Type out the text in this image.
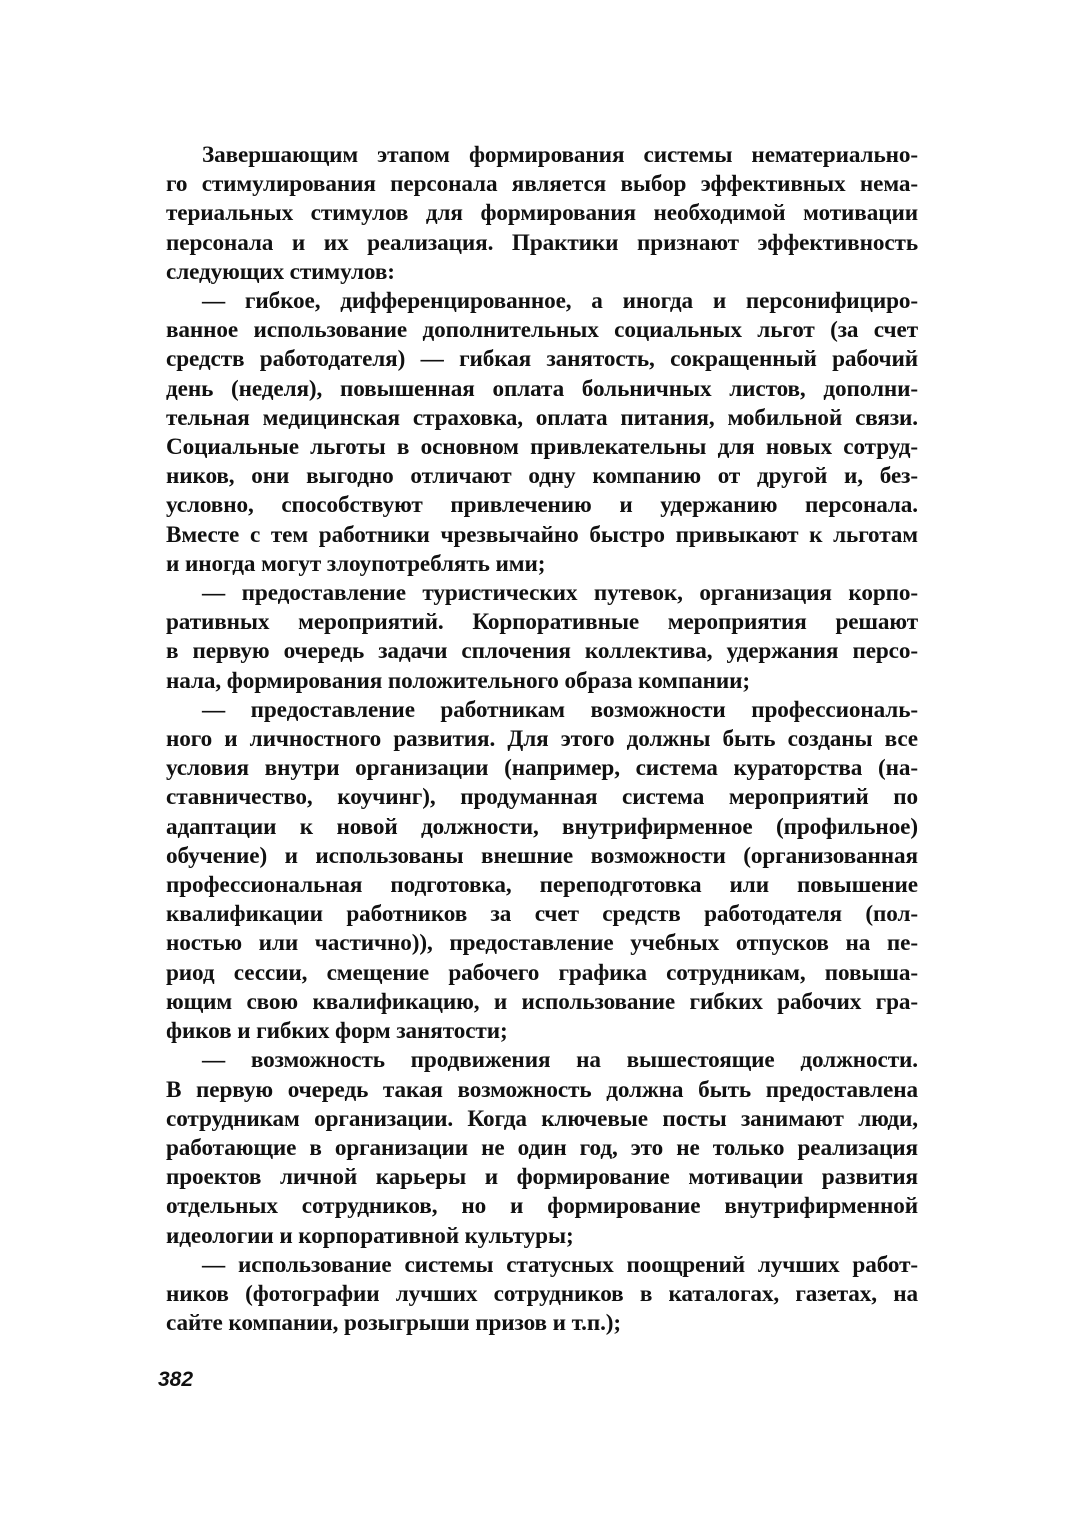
Завершающим этапом формирования системы нематериально-
го стимулирования персонала является выбор эффективных нема-
териальных стимулов для формирования необходимой мотивации
персонала и их реализация. Практики признают эффективность
следующих стимулов:

— гибкое, дифференцированное, а иногда и персонифициро-
ванное использование дополнительных социальных льгот (за счет
средств работодателя) — гибкая занятость, сокращенный рабочий
день (неделя), повышенная оплата больничных листов, дополни-
тельная медицинская страховка, оплата питания, мобильной связи.
Социальные льготы в основном привлекательны для новых сотруд-
ников, они выгодно отличают одну компанию от другой и, без-
условно, способствуют привлечению и удержанию персонала.
Вместе с тем работники чрезвычайно быстро привыкают к льготам
и иногда могут злоупотреблять ими;

— предоставление туристических путевок, организация корпо-
ративных мероприятий. Корпоративные мероприятия решают
в первую очередь задачи сплочения коллектива, удержания персо-
нала, формирования положительного образа компании;

— предоставление работникам возможности профессиональ-
ного и личностного развития. Для этого должны быть созданы все
условия внутри организации (например, система кураторства (на-
ставничество, коучинг), продуманная система мероприятий по
адаптации к новой должности, внутрифирменное (профильное)
обучение) и использованы внешние возможности (организованная
профессиональная подготовка, переподготовка или повышение
квалификации работников за счет средств работодателя (пол-
ностью или частично)), предоставление учебных отпусков на пе-
риод сессии, смещение рабочего графика сотрудникам, повыша-
ющим свою квалификацию, и использование гибких рабочих гра-
фиков и гибких форм занятости;

— возможность продвижения на вышестоящие должности.
В первую очередь такая возможность должна быть предоставлена
сотрудникам организации. Когда ключевые посты занимают люди,
работающие в организации не один год, это не только реализация
проектов личной карьеры и формирование мотивации развития
отдельных сотрудников, но и формирование внутрифирменной
идеологии и корпоративной культуры;

— использование системы статусных поощрений лучших работ-
ников (фотографии лучших сотрудников в каталогах, газетах, на
сайте компании, розыгрыши призов и т.п.);

382
